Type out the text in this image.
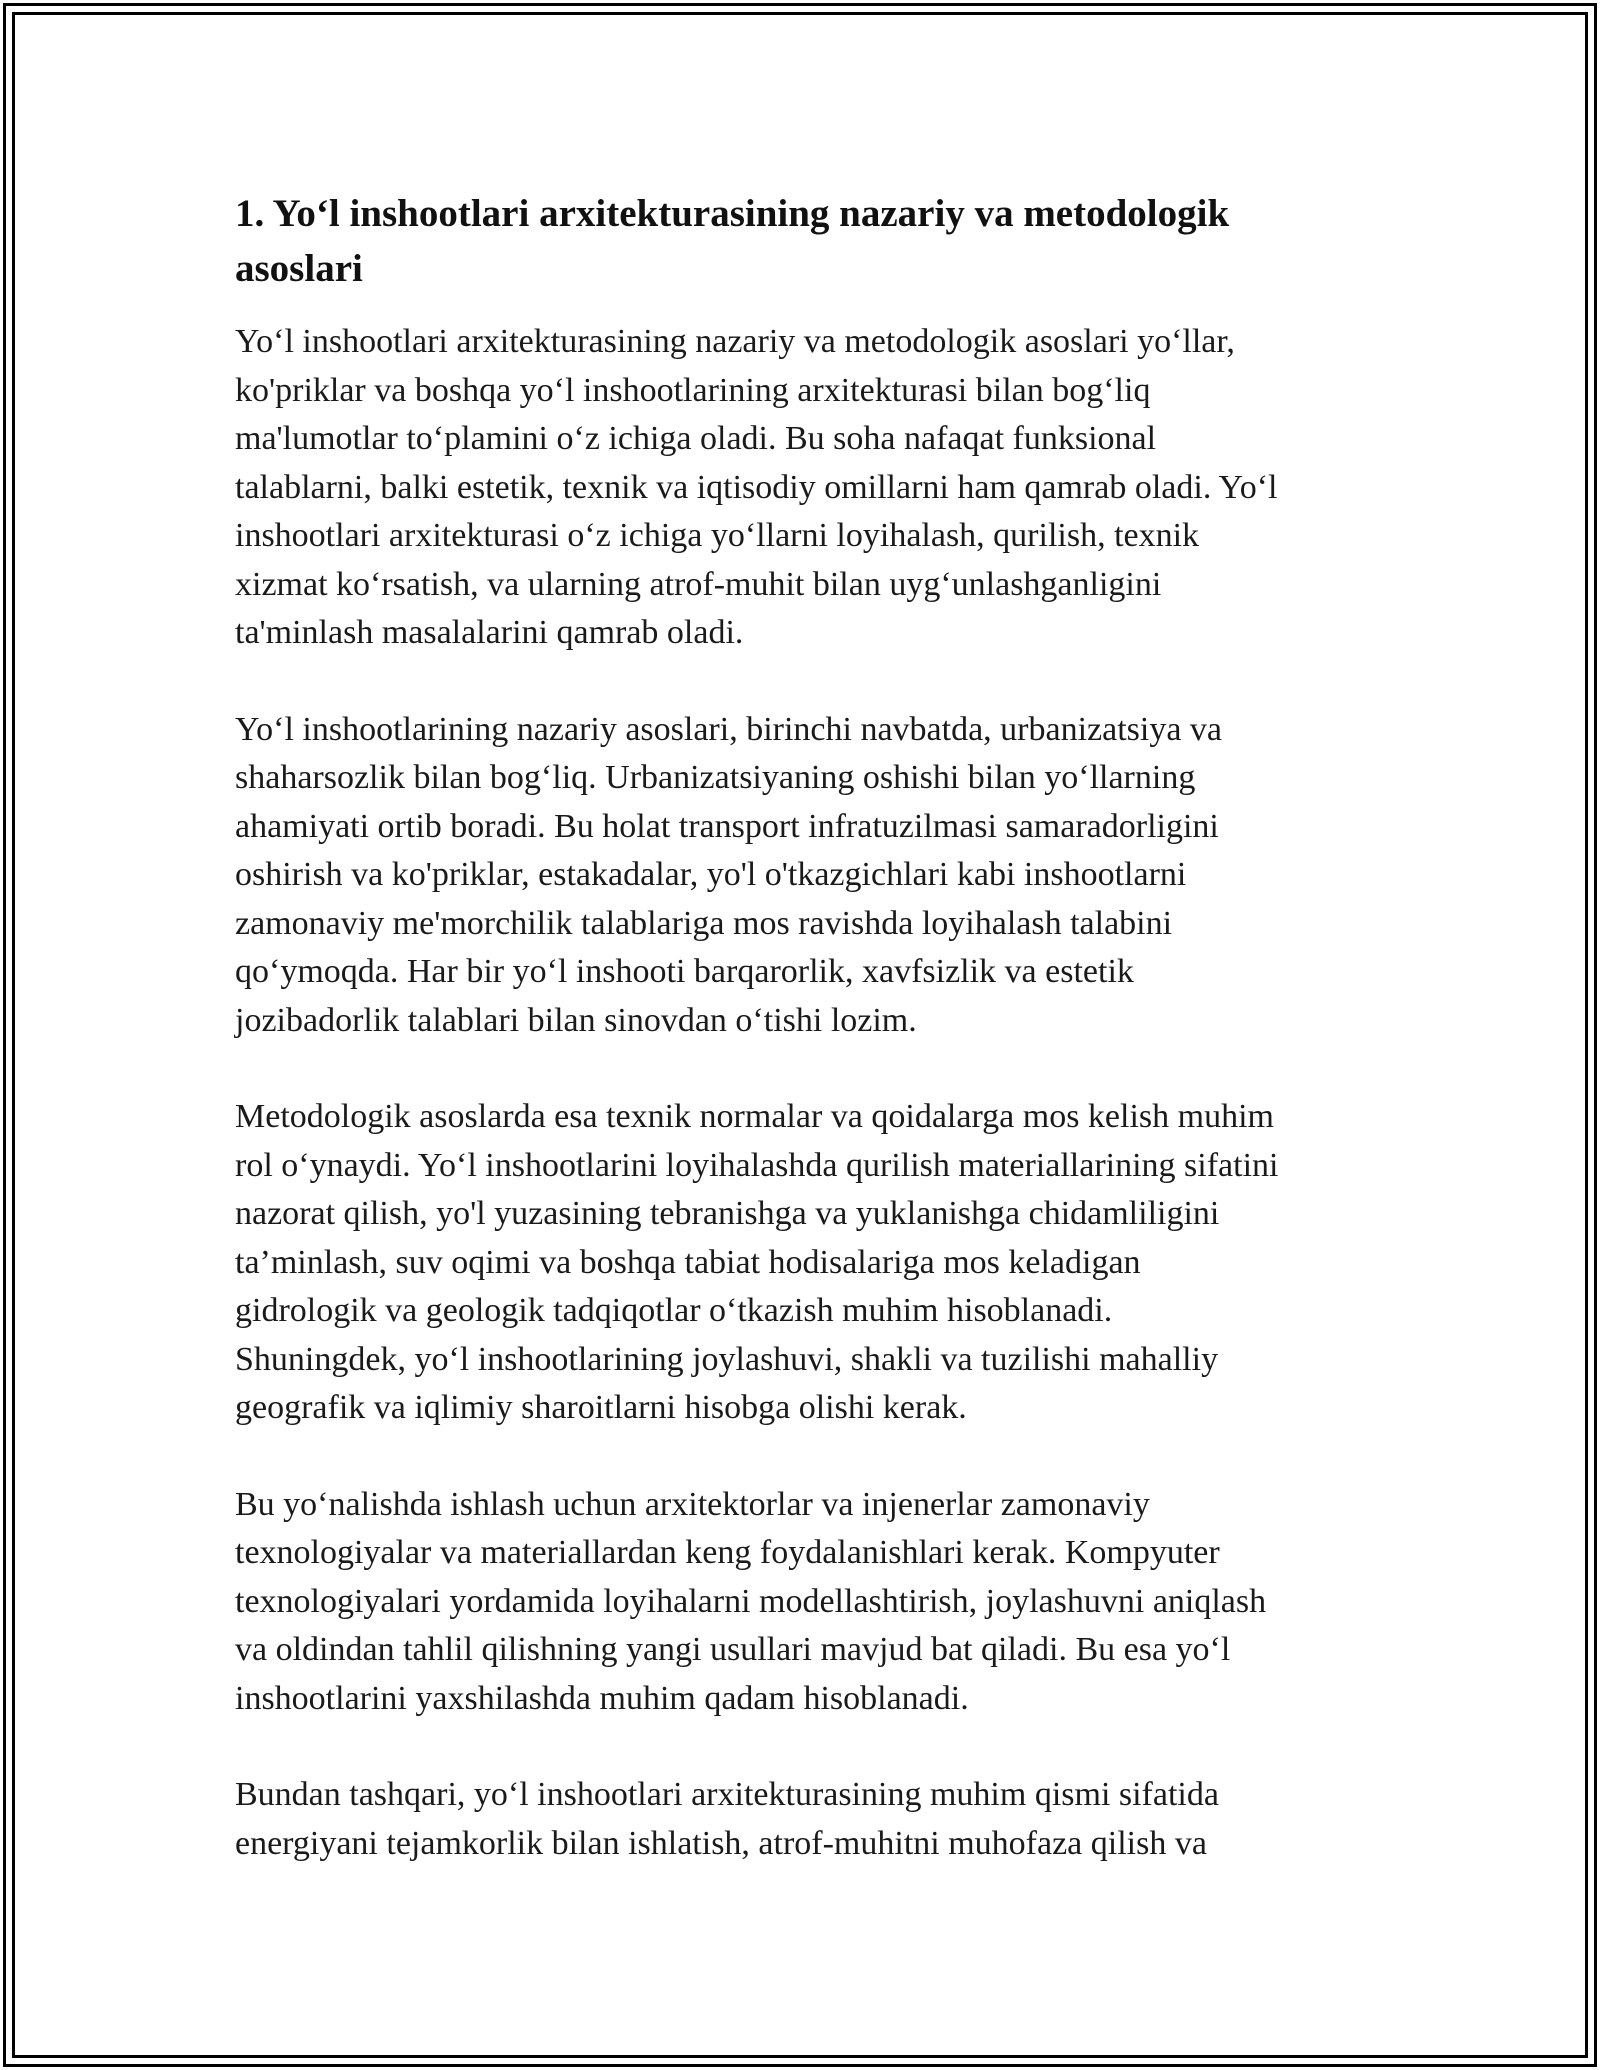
1. Yo‘l inshootlari arxitekturasining nazariy va metodologik
asoslari

Yo‘l inshootlari arxitekturasining nazariy va metodologik asoslari yo‘llar,
ko'priklar va boshqa yo‘l inshootlarining arxitekturasi bilan bog‘liq
ma'lumotlar to‘plamini o‘z ichiga oladi. Bu soha nafaqat funksional
talablarni, balki estetik, texnik va iqtisodiy omillarni ham qamrab oladi. Yo‘l
inshootlari arxitekturasi o‘z ichiga yo‘llarni loyihalash, qurilish, texnik
xizmat ko‘rsatish, va ularning atrof-muhit bilan uyg‘unlashganligini
ta'minlash masalalarini qamrab oladi.

Yo‘l inshootlarining nazariy asoslari, birinchi navbatda, urbanizatsiya va
shaharsozlik bilan bog‘liq. Urbanizatsiyaning oshishi bilan yo‘llarning
ahamiyati ortib boradi. Bu holat transport infratuzilmasi samaradorligini
oshirish va ko'priklar, estakadalar, yo'l o'tkazgichlari kabi inshootlarni
zamonaviy me'morchilik talablariga mos ravishda loyihalash talabini
qo‘ymoqda. Har bir yo‘l inshooti barqarorlik, xavfsizlik va estetik
jozibadorlik talablari bilan sinovdan o‘tishi lozim.

Metodologik asoslarda esa texnik normalar va qoidalarga mos kelish muhim
rol o‘ynaydi. Yo‘l inshootlarini loyihalashda qurilish materiallarining sifatini
nazorat qilish, yo'l yuzasining tebranishga va yuklanishga chidamliligini
ta’minlash, suv oqimi va boshqa tabiat hodisalariga mos keladigan
gidrologik va geologik tadqiqotlar o‘tkazish muhim hisoblanadi.
Shuningdek, yo‘l inshootlarining joylashuvi, shakli va tuzilishi mahalliy
geografik va iqlimiy sharoitlarni hisobga olishi kerak.

Bu yo‘nalishda ishlash uchun arxitektorlar va injenerlar zamonaviy
texnologiyalar va materiallardan keng foydalanishlari kerak. Kompyuter
texnologiyalari yordamida loyihalarni modellashtirish, joylashuvni aniqlash
va oldindan tahlil qilishning yangi usullari mavjud bat qiladi. Bu esa yo‘l
inshootlarini yaxshilashda muhim qadam hisoblanadi.

Bundan tashqari, yo‘l inshootlari arxitekturasining muhim qismi sifatida
energiyani tejamkorlik bilan ishlatish, atrof-muhitni muhofaza qilish va
